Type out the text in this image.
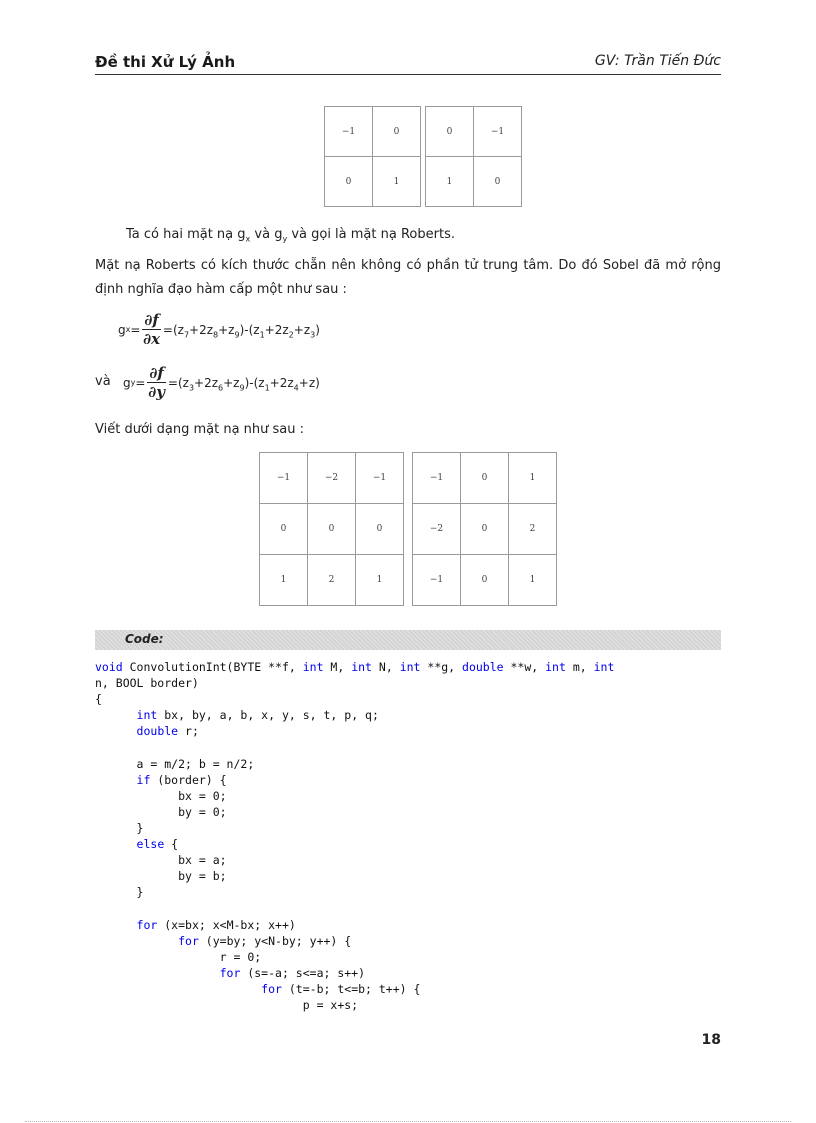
Đề thi Xử Lý Ảnh	GV: Trần Tiến Đức
−1	0
0	1
0	−1
1	0
Ta có hai mặt nạ $g_x$ và $g_y$ và gọi là mặt nạ Roberts.
Mặt nạ Roberts có kích thước chẵn nên không có phần tử trung tâm. Do đó Sobel đã mở rộng định nghĩa đạo hàm cấp một như sau :
g $x = \frac{\partial f}{\partial x} =(z_7+2z_8+z_9)-(z_1+2z_2+z_3)$
và g $y = \frac{\partial f}{\partial y} =(z_3+2z_6+z_9)-(z_1+2z_4+z)$
Viết dưới dạng mặt nạ như sau :
−1	−2	−1
0	0	0
1	2	1
−1	0	1
−2	0	2
−1	0	1
Code:
void ConvolutionInt(BYTE **f, int M, int N, int **g, double **w, int m, int
n, BOOL border)
{
	int bx, by, a, b, x, y, s, t, p, q;
	double r;

	a = m/2; b = n/2;
	if (border) {
		bx = 0;
		by = 0;
	}
	else {
		bx = a;
		by = b;
	}

	for (x=bx; x<M-bx; x++)
		for (y=by; y<N-by; y++) {
			r = 0;
			for (s=-a; s<=a; s++)
				for (t=-b; t<=b; t++) {
					p = x+s;
18
